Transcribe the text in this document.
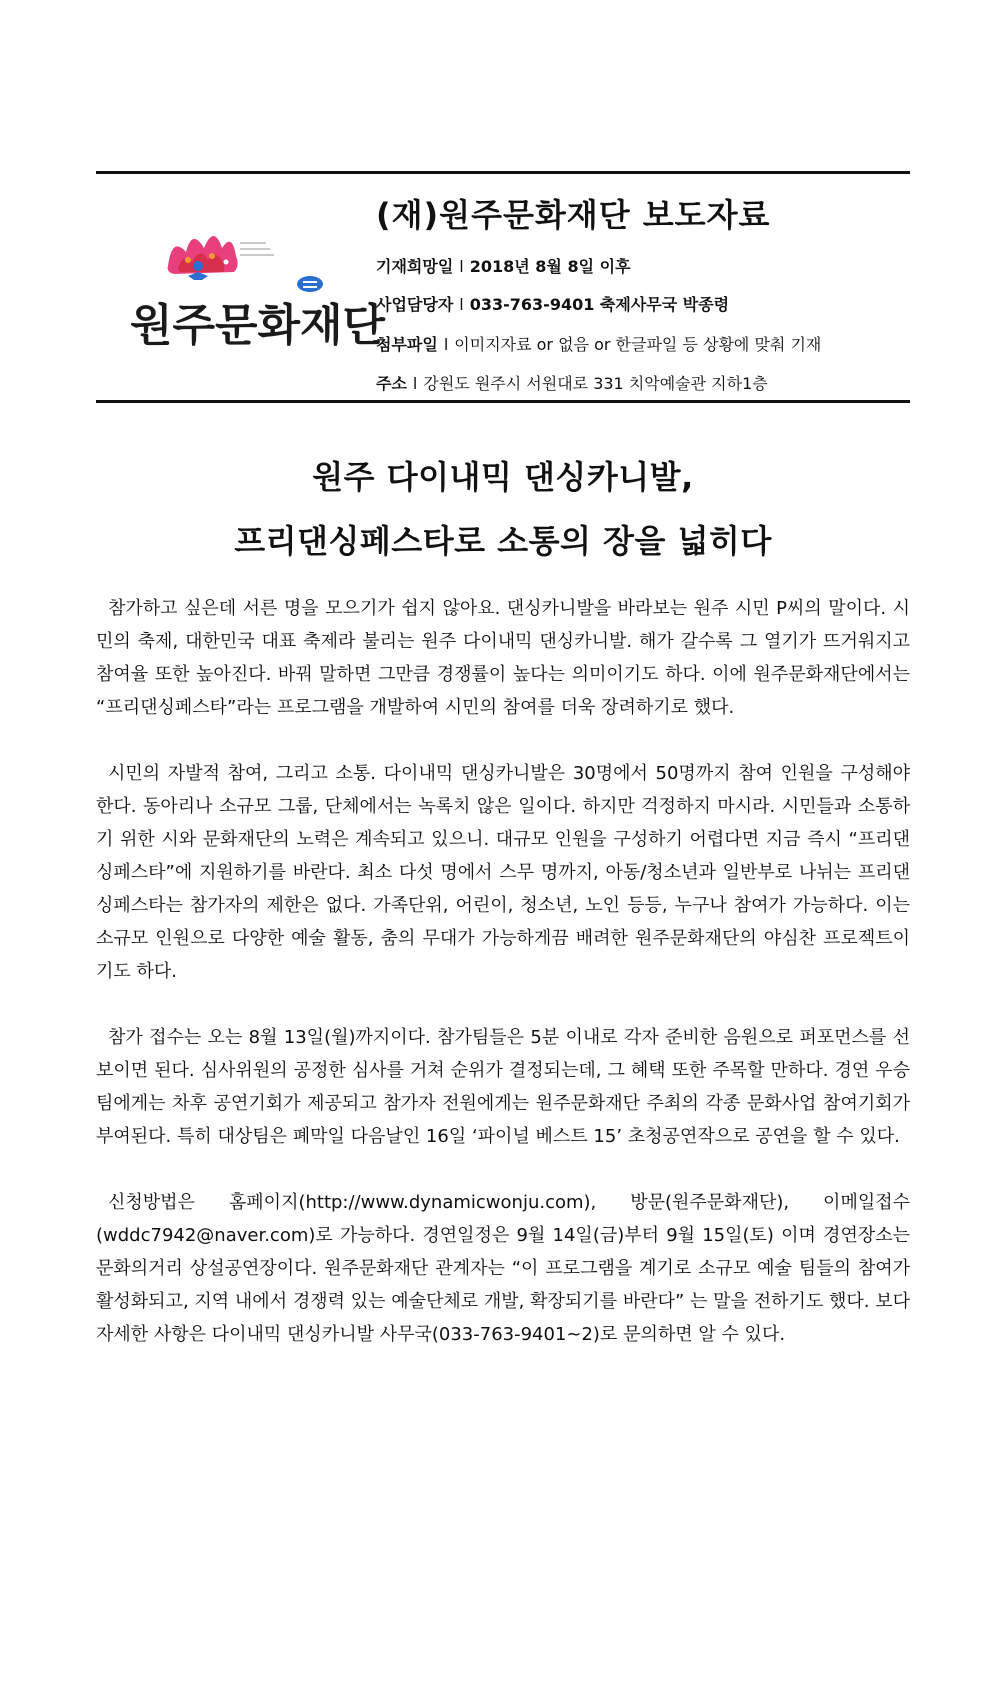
원주문화재단
(재)원주문화재단 보도자료
기재희망일 l 2018년 8월 8일 이후
사업담당자 l 033-763-9401 축제사무국 박종령
첨부파일 l 이미지자료 or 없음 or 한글파일 등 상황에 맞춰 기재
주소 l 강원도 원주시 서원대로 331 치악예술관 지하1층
원주 다이내믹 댄싱카니발,
프리댄싱페스타로 소통의 장을 넓히다

참가하고 싶은데 서른 명을 모으기가 쉽지 않아요. 댄싱카니발을 바라보는 원주 시민 P씨의 말이다. 시민의 축제, 대한민국 대표 축제라 불리는 원주 다이내믹 댄싱카니발. 해가 갈수록 그 열기가 뜨거워지고 참여율 또한 높아진다. 바꿔 말하면 그만큼 경쟁률이 높다는 의미이기도 하다. 이에 원주문화재단에서는 “프리댄싱페스타”라는 프로그램을 개발하여 시민의 참여를 더욱 장려하기로 했다.

시민의 자발적 참여, 그리고 소통. 다이내믹 댄싱카니발은 30명에서 50명까지 참여 인원을 구성해야 한다. 동아리나 소규모 그룹, 단체에서는 녹록치 않은 일이다. 하지만 걱정하지 마시라. 시민들과 소통하기 위한 시와 문화재단의 노력은 계속되고 있으니. 대규모 인원을 구성하기 어렵다면 지금 즉시 “프리댄싱페스타”에 지원하기를 바란다. 최소 다섯 명에서 스무 명까지, 아동/청소년과 일반부로 나뉘는 프리댄싱페스타는 참가자의 제한은 없다. 가족단위, 어린이, 청소년, 노인 등등, 누구나 참여가 가능하다. 이는 소규모 인원으로 다양한 예술 활동, 춤의 무대가 가능하게끔 배려한 원주문화재단의 야심찬 프로젝트이기도 하다.

참가 접수는 오는 8월 13일(월)까지이다. 참가팀들은 5분 이내로 각자 준비한 음원으로 퍼포먼스를 선보이면 된다. 심사위원의 공정한 심사를 거쳐 순위가 결정되는데, 그 혜택 또한 주목할 만하다. 경연 우승팀에게는 차후 공연기회가 제공되고 참가자 전원에게는 원주문화재단 주최의 각종 문화사업 참여기회가 부여된다. 특히 대상팀은 폐막일 다음날인 16일 ‘파이널 베스트 15’ 초청공연작으로 공연을 할 수 있다.

신청방법은 홈페이지(http://www.dynamicwonju.com), 방문(원주문화재단), 이메일접수(wddc7942@naver.com)로 가능하다. 경연일정은 9월 14일(금)부터 9월 15일(토) 이며 경연장소는 문화의거리 상설공연장이다. 원주문화재단 관계자는 “이 프로그램을 계기로 소규모 예술 팀들의 참여가 활성화되고, 지역 내에서 경쟁력 있는 예술단체로 개발, 확장되기를 바란다” 는 말을 전하기도 했다. 보다 자세한 사항은 다이내믹 댄싱카니발 사무국(033-763-9401~2)로 문의하면 알 수 있다.
